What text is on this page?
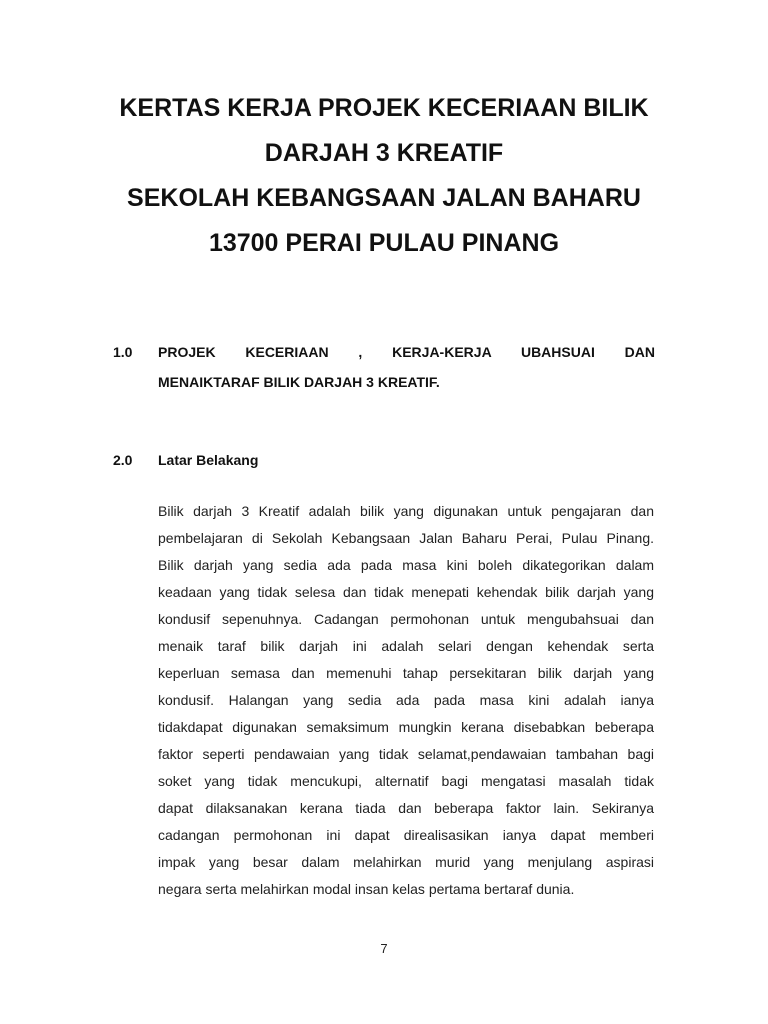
KERTAS KERJA PROJEK KECERIAAN BILIK
DARJAH 3 KREATIF
SEKOLAH KEBANGSAAN JALAN BAHARU
13700 PERAI PULAU PINANG
1.0	PROJEK KECERIAAN , KERJA-KERJA UBAHSUAI DAN
MENAIKTARAF BILIK DARJAH 3 KREATIF.
2.0	Latar Belakang
Bilik darjah 3 Kreatif adalah bilik yang digunakan untuk pengajaran dan
pembelajaran di Sekolah Kebangsaan Jalan Baharu Perai, Pulau Pinang.
Bilik darjah yang sedia ada pada masa kini boleh dikategorikan dalam
keadaan yang tidak selesa dan tidak menepati kehendak bilik darjah yang
kondusif sepenuhnya. Cadangan permohonan untuk mengubahsuai dan
menaik taraf bilik darjah ini adalah selari dengan kehendak serta
keperluan semasa dan memenuhi tahap persekitaran bilik darjah yang
kondusif. Halangan yang sedia ada pada masa kini adalah ianya
tidakdapat digunakan semaksimum mungkin kerana disebabkan beberapa
faktor seperti pendawaian yang tidak selamat,pendawaian tambahan bagi
soket yang tidak mencukupi, alternatif bagi mengatasi masalah tidak
dapat dilaksanakan kerana tiada dan beberapa faktor lain. Sekiranya
cadangan permohonan ini dapat direalisasikan ianya dapat memberi
impak yang besar dalam melahirkan murid yang menjulang aspirasi
negara serta melahirkan modal insan kelas pertama bertaraf dunia.
7
